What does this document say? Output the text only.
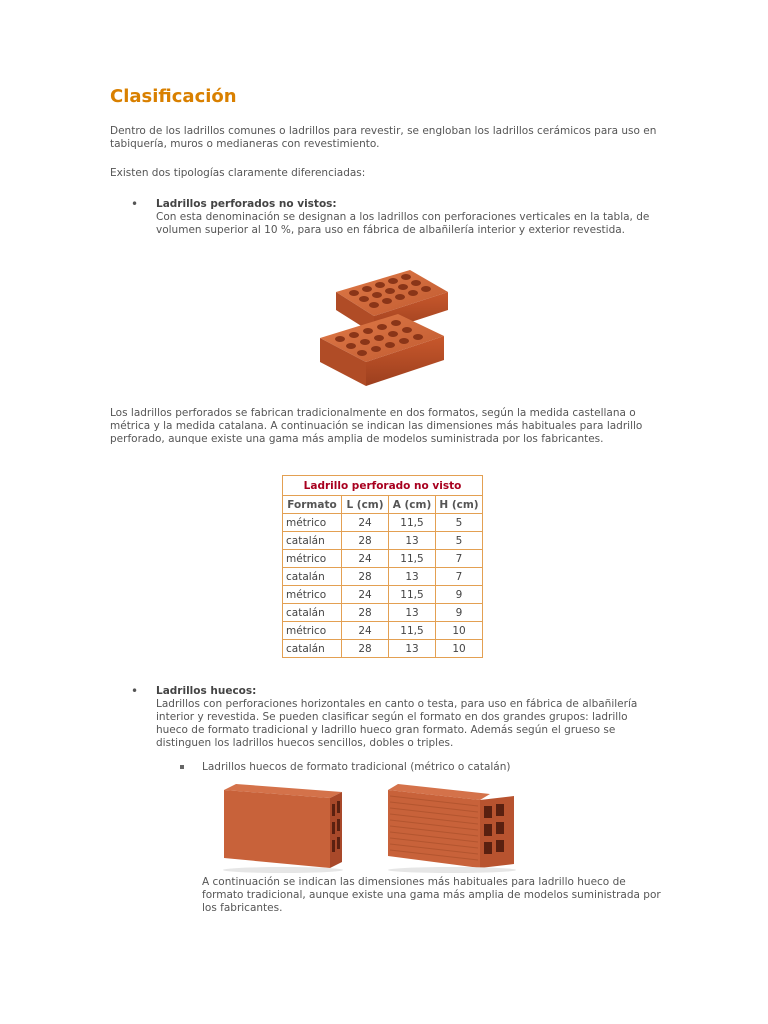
Clasificación

Dentro de los ladrillos comunes o ladrillos para revestir, se engloban los ladrillos cerámicos para uso en tabiquería, muros o medianeras con revestimiento.

Existen dos tipologías claramente diferenciadas:

• Ladrillos perforados no vistos:
Con esta denominación se designan a los ladrillos con perforaciones verticales en la tabla, de volumen superior al 10 %, para uso en fábrica de albañilería interior y exterior revestida.

Los ladrillos perforados se fabrican tradicionalmente en dos formatos, según la medida castellana o métrica y la medida catalana. A continuación se indican las dimensiones más habituales para ladrillo perforado, aunque existe una gama más amplia de modelos suministrada por los fabricantes.

Ladrillo perforado no visto			
Formato	L (cm)	A (cm)	H (cm)
métrico	24	11,5	5
catalán	28	13	5
métrico	24	11,5	7
catalán	28	13	7
métrico	24	11,5	9
catalán	28	13	9
métrico	24	11,5	10
catalán	28	13	10
• Ladrillos huecos:
Ladrillos con perforaciones horizontales en canto o testa, para uso en fábrica de albañilería interior y revestida. Se pueden clasificar según el formato en dos grandes grupos: ladrillo hueco de formato tradicional y ladrillo hueco gran formato. Además según el grueso se distinguen los ladrillos huecos sencillos, dobles o triples.
Ladrillos huecos de formato tradicional (métrico o catalán)
A continuación se indican las dimensiones más habituales para ladrillo hueco de formato tradicional, aunque existe una gama más amplia de modelos suministrada por los fabricantes.
